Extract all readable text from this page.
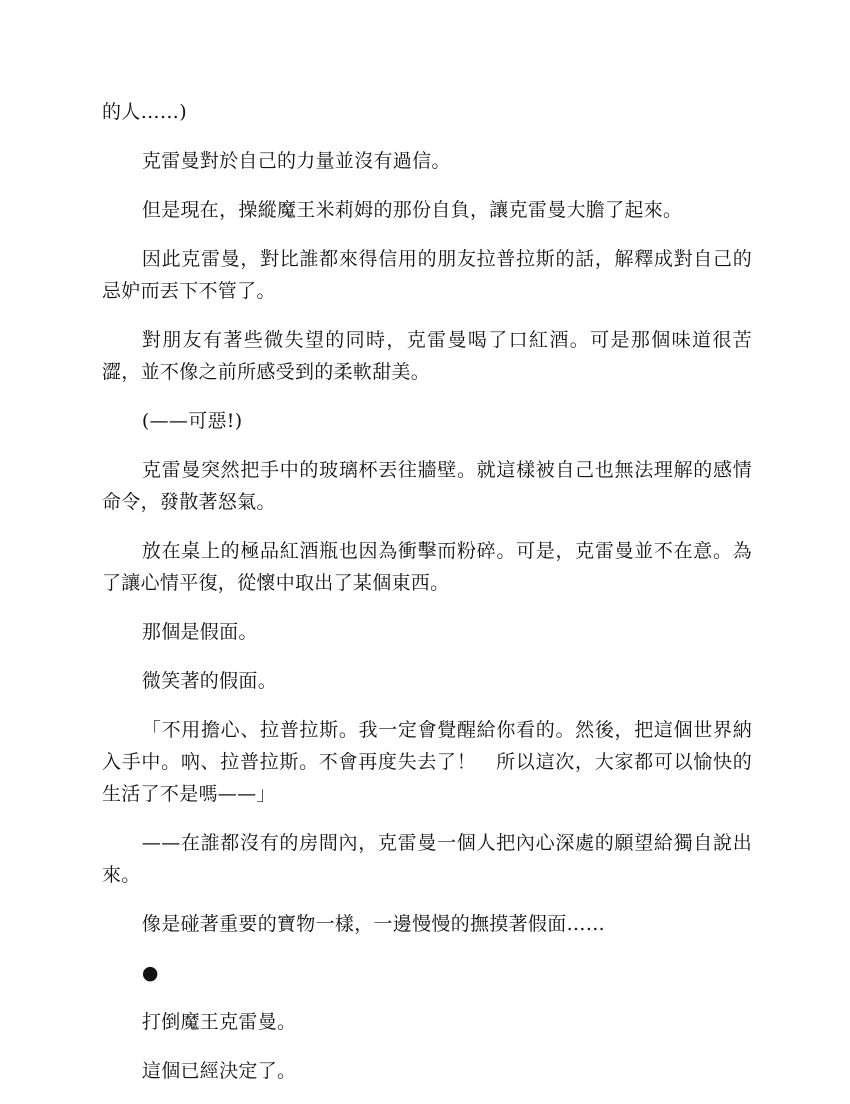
的人……)

克雷曼對於自己的力量並沒有過信。

但是現在，操縱魔王米莉姆的那份自負，讓克雷曼大膽了起來。

因此克雷曼，對比誰都來得信用的朋友拉普拉斯的話，解釋成對自己的忌妒而丟下不管了。

對朋友有著些微失望的同時，克雷曼喝了口紅酒。可是那個味道很苦澀，並不像之前所感受到的柔軟甜美。

(——可惡!)

克雷曼突然把手中的玻璃杯丟往牆壁。就這樣被自己也無法理解的感情命令，發散著怒氣。

放在桌上的極品紅酒瓶也因為衝擊而粉碎。可是，克雷曼並不在意。為了讓心情平復，從懷中取出了某個東西。

那個是假面。

微笑著的假面。

「不用擔心、拉普拉斯。我一定會覺醒給你看的。然後，把這個世界納入手中。吶、拉普拉斯。不會再度失去了！　所以這次，大家都可以愉快的生活了不是嗎——」

——在誰都沒有的房間內，克雷曼一個人把內心深處的願望給獨自說出來。

像是碰著重要的寶物一樣，一邊慢慢的撫摸著假面……

●

打倒魔王克雷曼。

這個已經決定了。
